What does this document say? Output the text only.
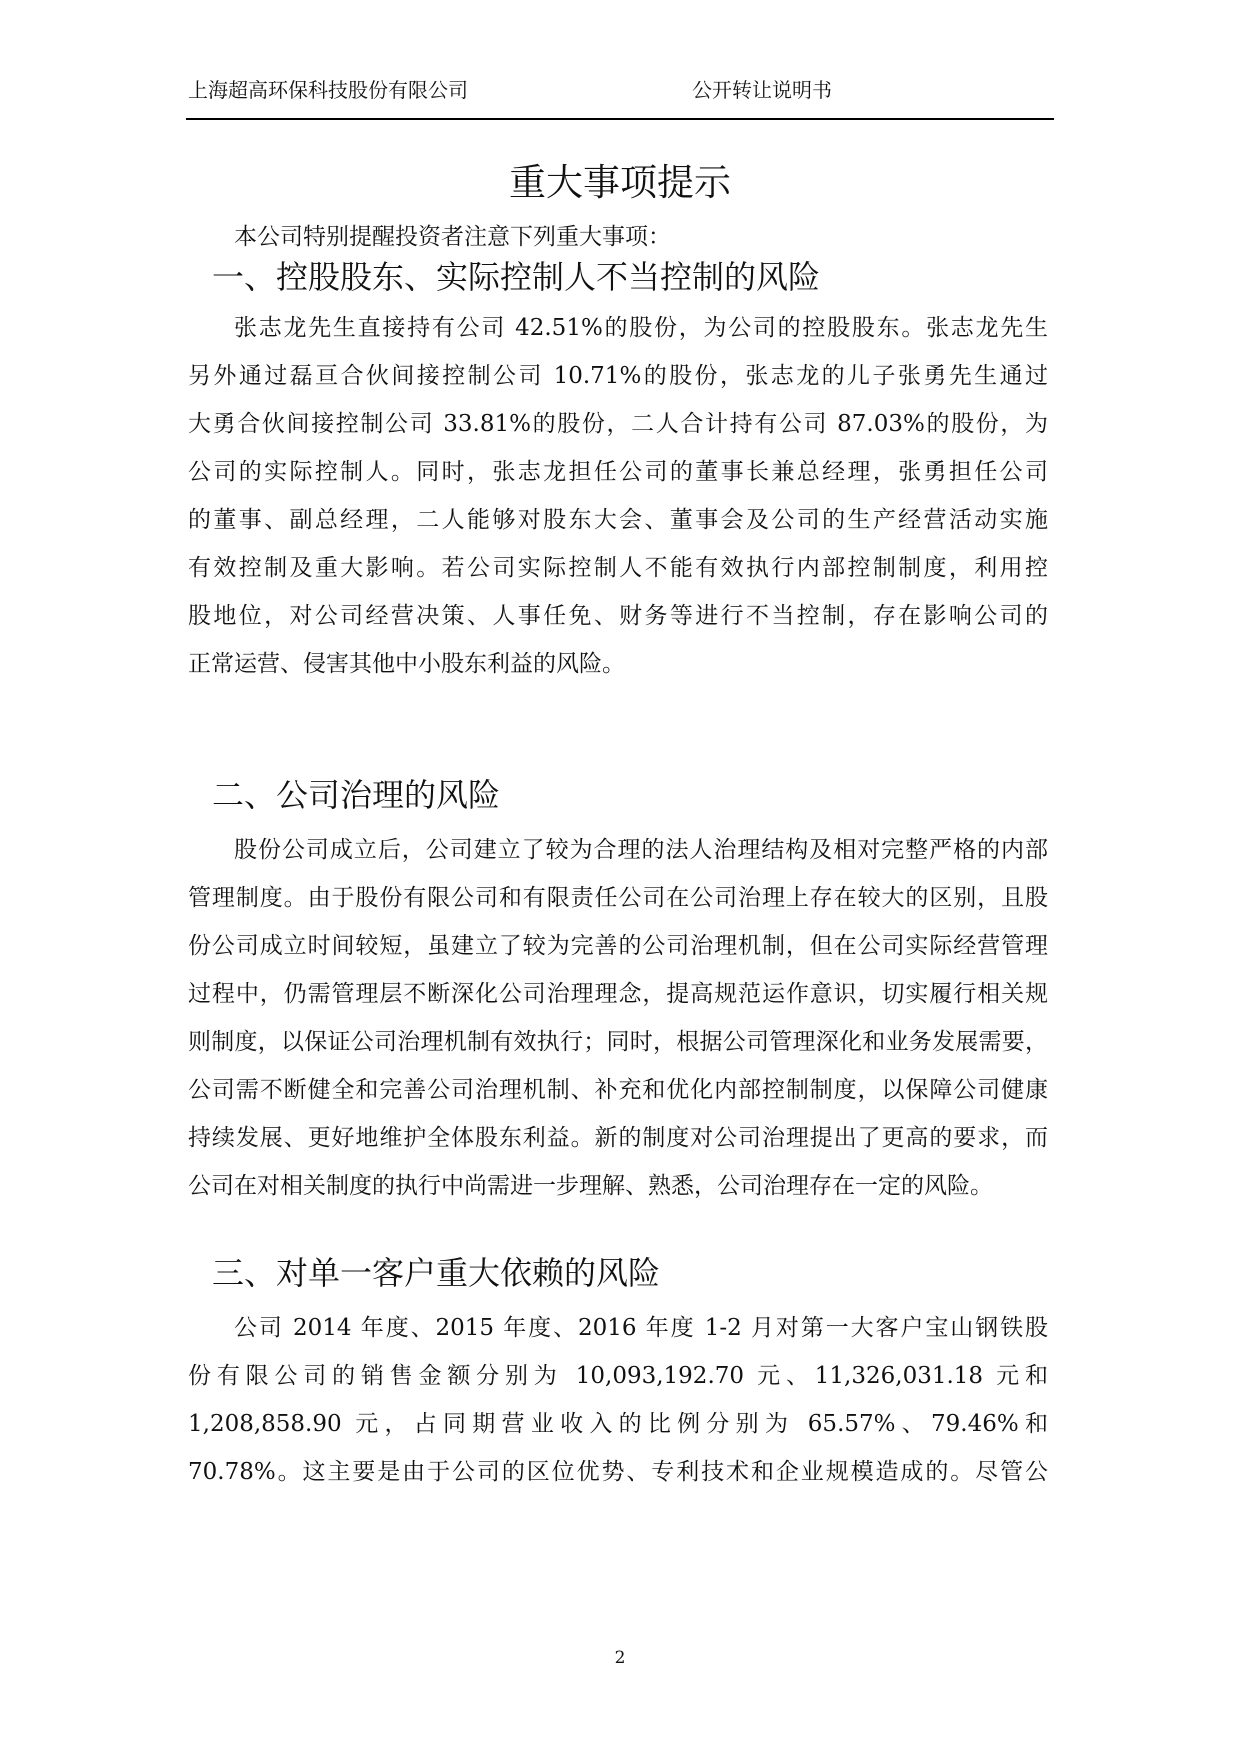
上海超高环保科技股份有限公司	公开转让说明书
重大事项提示
本公司特别提醒投资者注意下列重大事项：
一、控股股东、实际控制人不当控制的风险
张志龙先生直接持有公司 42.51%的股份，为公司的控股股东。张志龙先生
另外通过磊亘合伙间接控制公司 10.71%的股份，张志龙的儿子张勇先生通过
大勇合伙间接控制公司 33.81%的股份，二人合计持有公司 87.03%的股份，为
公司的实际控制人。同时，张志龙担任公司的董事长兼总经理，张勇担任公司
的董事、副总经理，二人能够对股东大会、董事会及公司的生产经营活动实施
有效控制及重大影响。若公司实际控制人不能有效执行内部控制制度，利用控
股地位，对公司经营决策、人事任免、财务等进行不当控制，存在影响公司的
正常运营、侵害其他中小股东利益的风险。
二、公司治理的风险
股份公司成立后，公司建立了较为合理的法人治理结构及相对完整严格的内部
管理制度。由于股份有限公司和有限责任公司在公司治理上存在较大的区别，且股
份公司成立时间较短，虽建立了较为完善的公司治理机制，但在公司实际经营管理
过程中，仍需管理层不断深化公司治理理念，提高规范运作意识，切实履行相关规
则制度，以保证公司治理机制有效执行；同时，根据公司管理深化和业务发展需要，
公司需不断健全和完善公司治理机制、补充和优化内部控制制度，以保障公司健康
持续发展、更好地维护全体股东利益。新的制度对公司治理提出了更高的要求，而
公司在对相关制度的执行中尚需进一步理解、熟悉，公司治理存在一定的风险。
三、对单一客户重大依赖的风险
公司 2014 年度、2015 年度、2016 年度 1-2 月对第一大客户宝山钢铁股
份有限公司的销售金额分别为 10,093,192.70 元、11,326,031.18 元和
1,208,858.90 元，占同期营业收入的比例分别为 65.57%、79.46%和
70.78%。这主要是由于公司的区位优势、专利技术和企业规模造成的。尽管公
2
